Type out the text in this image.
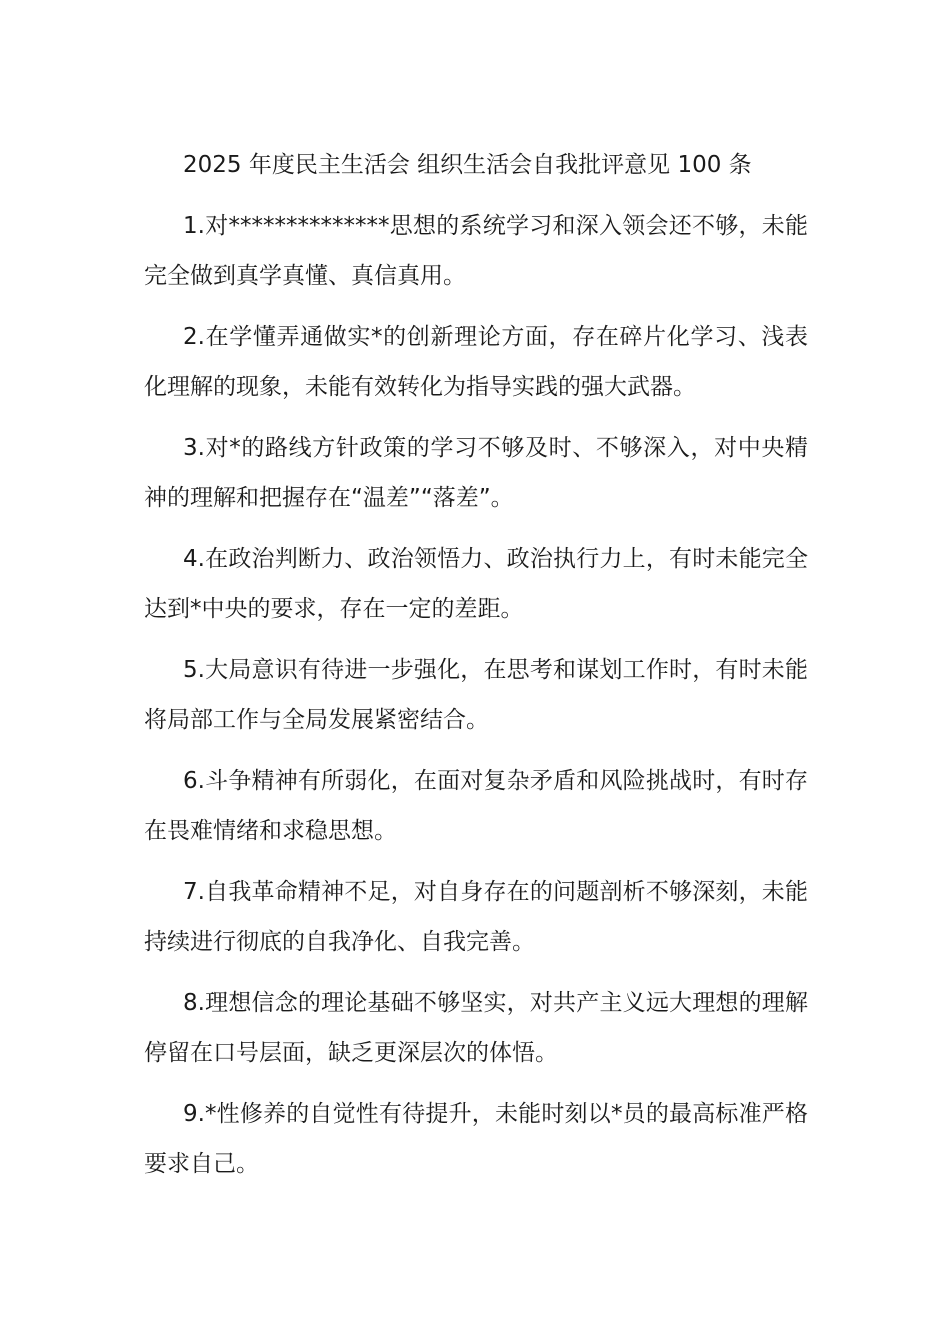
2025 年度民主生活会 组织生活会自我批评意见 100 条

1.对**************思想的系统学习和深入领会还不够，未能完全做到真学真懂、真信真用。

2.在学懂弄通做实*的创新理论方面，存在碎片化学习、浅表化理解的现象，未能有效转化为指导实践的强大武器。

3.对*的路线方针政策的学习不够及时、不够深入，对中央精神的理解和把握存在“温差”“落差”。

4.在政治判断力、政治领悟力、政治执行力上，有时未能完全达到*中央的要求，存在一定的差距。

5.大局意识有待进一步强化，在思考和谋划工作时，有时未能将局部工作与全局发展紧密结合。

6.斗争精神有所弱化，在面对复杂矛盾和风险挑战时，有时存在畏难情绪和求稳思想。

7.自我革命精神不足，对自身存在的问题剖析不够深刻，未能持续进行彻底的自我净化、自我完善。

8.理想信念的理论基础不够坚实，对共产主义远大理想的理解停留在口号层面，缺乏更深层次的体悟。

9.*性修养的自觉性有待提升，未能时刻以*员的最高标准严格要求自己。
